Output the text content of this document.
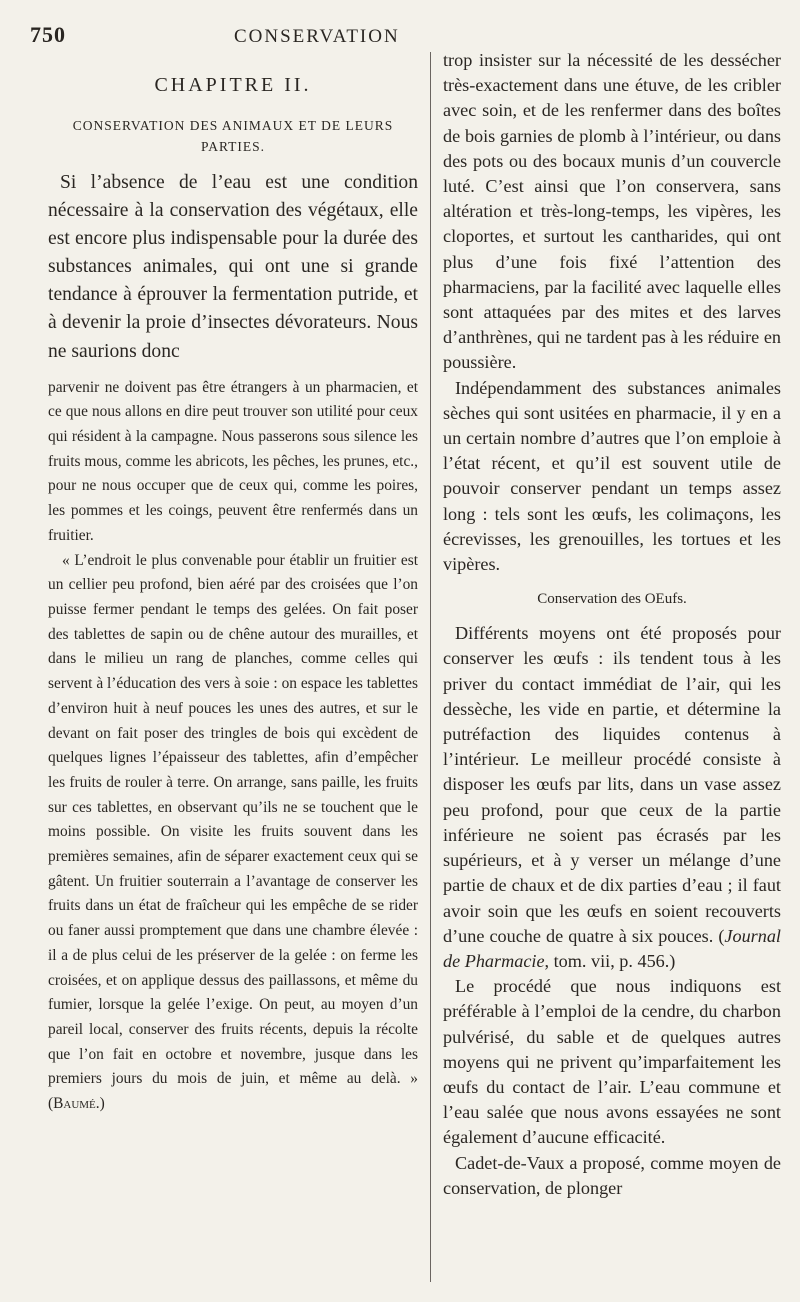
750	CONSERVATION
CHAPITRE II.
CONSERVATION DES ANIMAUX ET DE LEURS PARTIES.

Si l’absence de l’eau est une condition nécessaire à la conservation des végétaux, elle est encore plus indispensable pour la durée des substances animales, qui ont une si grande tendance à éprouver la fermentation putride, et à devenir la proie d’insectes dévorateurs. Nous ne saurions donc

parvenir ne doivent pas être étrangers à un pharmacien, et ce que nous allons en dire peut trouver son utilité pour ceux qui résident à la campagne. Nous passerons sous silence les fruits mous, comme les abricots, les pêches, les prunes, etc., pour ne nous occuper que de ceux qui, comme les poires, les pommes et les coings, peuvent être renfermés dans un fruitier.

« L’endroit le plus convenable pour établir un fruitier est un cellier peu profond, bien aéré par des croisées que l’on puisse fermer pendant le temps des gelées. On fait poser des tablettes de sapin ou de chêne autour des murailles, et dans le milieu un rang de planches, comme celles qui servent à l’éducation des vers à soie : on espace les tablettes d’environ huit à neuf pouces les unes des autres, et sur le devant on fait poser des tringles de bois qui excèdent de quelques lignes l’épaisseur des tablettes, afin d’empêcher les fruits de rouler à terre. On arrange, sans paille, les fruits sur ces tablettes, en observant qu’ils ne se touchent que le moins possible. On visite les fruits souvent dans les premières semaines, afin de séparer exactement ceux qui se gâtent. Un fruitier souterrain a l’avantage de conserver les fruits dans un état de fraîcheur qui les empêche de se rider ou faner aussi promptement que dans une chambre élevée : il a de plus celui de les préserver de la gelée : on ferme les croisées, et on applique dessus des paillassons, et même du fumier, lorsque la gelée l’exige. On peut, au moyen d’un pareil local, conserver des fruits récents, depuis la récolte que l’on fait en octobre et novembre, jusque dans les premiers jours du mois de juin, et même au delà. » (Baumé.)

trop insister sur la nécessité de les dessécher très-exactement dans une étuve, de les cribler avec soin, et de les renfermer dans des boîtes de bois garnies de plomb à l’intérieur, ou dans des pots ou des bocaux munis d’un couvercle luté. C’est ainsi que l’on conservera, sans altération et très-long-temps, les vipères, les cloportes, et surtout les cantharides, qui ont plus d’une fois fixé l’attention des pharmaciens, par la facilité avec laquelle elles sont attaquées par des mites et des larves d’anthrènes, qui ne tardent pas à les réduire en poussière.

Indépendamment des substances animales sèches qui sont usitées en pharmacie, il y en a un certain nombre d’autres que l’on emploie à l’état récent, et qu’il est souvent utile de pouvoir conserver pendant un temps assez long : tels sont les œufs, les colimaçons, les écrevisses, les grenouilles, les tortues et les vipères.

Conservation des OEufs.

Différents moyens ont été proposés pour conserver les œufs : ils tendent tous à les priver du contact immédiat de l’air, qui les dessèche, les vide en partie, et détermine la putréfaction des liquides contenus à l’intérieur. Le meilleur procédé consiste à disposer les œufs par lits, dans un vase assez peu profond, pour que ceux de la partie inférieure ne soient pas écrasés par les supérieurs, et à y verser un mélange d’une partie de chaux et de dix parties d’eau ; il faut avoir soin que les œufs en soient recouverts d’une couche de quatre à six pouces. (Journal de Pharmacie, tom. vii, p. 456.)

Le procédé que nous indiquons est préférable à l’emploi de la cendre, du charbon pulvérisé, du sable et de quelques autres moyens qui ne privent qu’imparfaitement les œufs du contact de l’air. L’eau commune et l’eau salée que nous avons essayées ne sont également d’aucune efficacité.

Cadet-de-Vaux a proposé, comme moyen de conservation, de plonger
